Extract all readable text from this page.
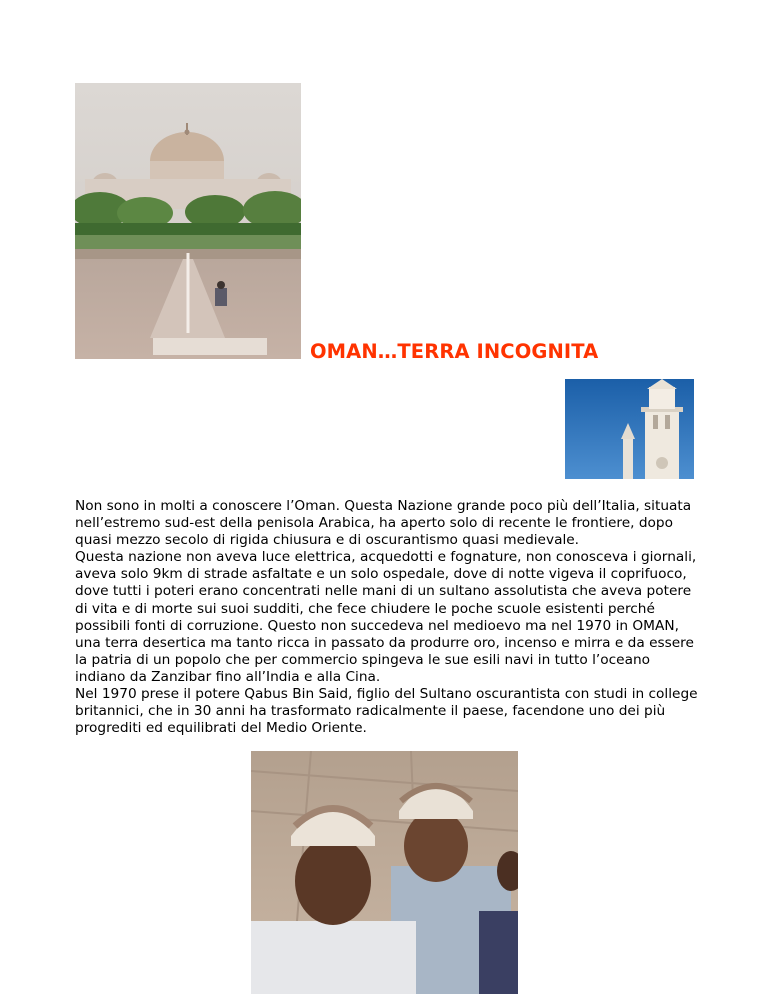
OMAN…TERRA INCOGNITA

Non sono in molti a conoscere l’Oman. Questa Nazione grande poco più dell’Italia, situata

nell’estremo sud-est della penisola Arabica, ha aperto solo di recente le frontiere, dopo

quasi mezzo secolo di rigida chiusura e di oscurantismo quasi medievale.

Questa nazione non aveva luce elettrica, acquedotti e fognature, non conosceva i giornali,

aveva solo 9km di strade asfaltate e un solo ospedale, dove di notte vigeva il coprifuoco,

dove tutti i poteri erano concentrati nelle mani di un sultano assolutista che aveva potere

di vita e di morte sui suoi sudditi, che fece chiudere le poche scuole esistenti perché

possibili fonti di corruzione. Questo non succedeva nel medioevo ma nel 1970 in OMAN,

una terra desertica ma tanto ricca in passato da produrre oro, incenso e mirra e da essere

la patria di un popolo che per commercio spingeva le sue esili navi in tutto l’oceano

indiano da Zanzibar fino all’India e alla Cina.

Nel 1970 prese il potere Qabus Bin Said, figlio del Sultano oscurantista con studi in college

britannici, che in 30 anni ha trasformato radicalmente il paese, facendone uno dei più

progrediti ed equilibrati del Medio Oriente.
